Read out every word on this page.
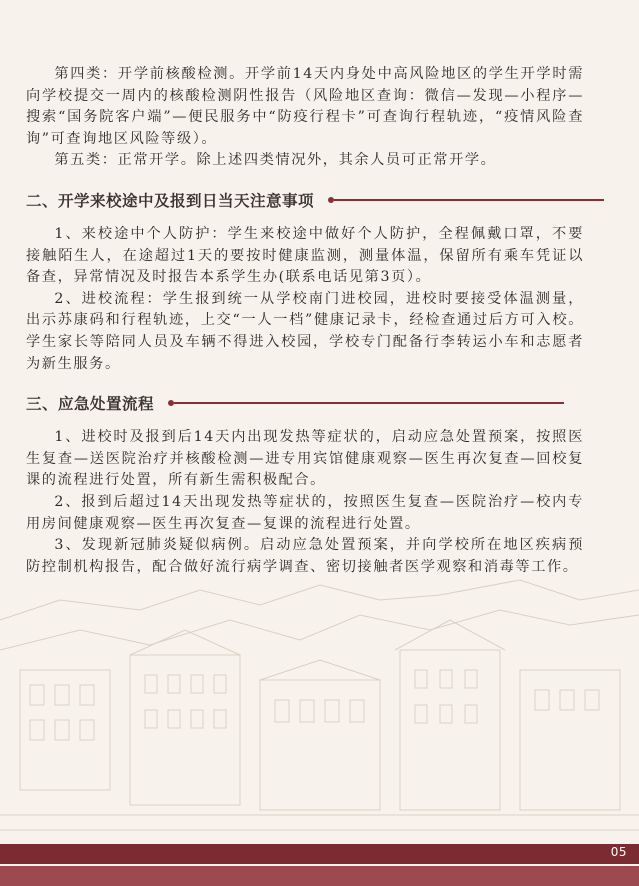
第四类：开学前核酸检测。开学前14天内身处中高风险地区的学生开学时需向学校提交一周内的核酸检测阴性报告（风险地区查询：微信—发现—小程序—搜索“国务院客户端”—便民服务中“防疫行程卡”可查询行程轨迹，“疫情风险查询”可查询地区风险等级）。

第五类：正常开学。除上述四类情况外，其余人员可正常开学。

二、开学来校途中及报到日当天注意事项

1、来校途中个人防护：学生来校途中做好个人防护，全程佩戴口罩，不要接触陌生人，在途超过1天的要按时健康监测，测量体温，保留所有乘车凭证以备查，异常情况及时报告本系学生办(联系电话见第3页）。

2、进校流程：学生报到统一从学校南门进校园，进校时要接受体温测量，出示苏康码和行程轨迹，上交“一人一档”健康记录卡，经检查通过后方可入校。学生家长等陪同人员及车辆不得进入校园，学校专门配备行李转运小车和志愿者为新生服务。

三、应急处置流程

1、进校时及报到后14天内出现发热等症状的，启动应急处置预案，按照医生复查—送医院治疗并核酸检测—进专用宾馆健康观察—医生再次复查—回校复课的流程进行处置，所有新生需积极配合。

2、报到后超过14天出现发热等症状的，按照医生复查—医院治疗—校内专用房间健康观察—医生再次复查—复课的流程进行处置。

3、发现新冠肺炎疑似病例。启动应急处置预案，并向学校所在地区疾病预防控制机构报告，配合做好流行病学调查、密切接触者医学观察和消毒等工作。

05
